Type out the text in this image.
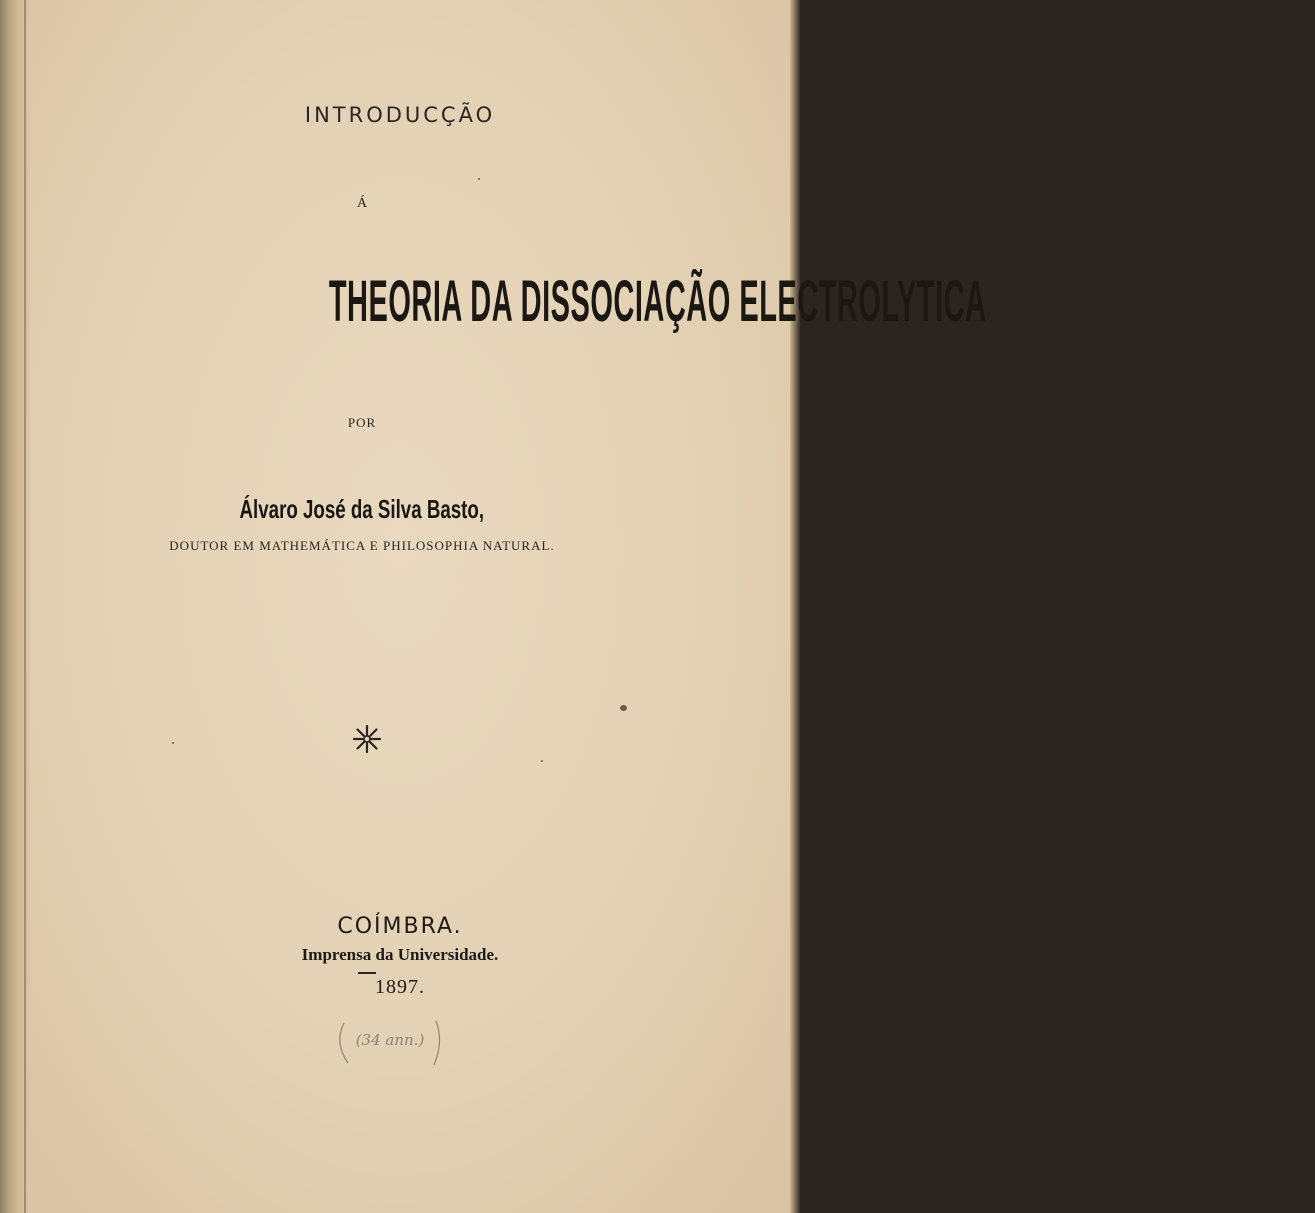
INTRODUCÇÃO
Á
THEORIA DA DISSOCIAÇÃO ELECTROLYTICA
POR
Álvaro José da Silva Basto,
DOUTOR EM MATHEMÁTICA E PHILOSOPHIA NATURAL.
COÍMBRA.
Imprensa da Universidade.
1897.
(34 ann.)
